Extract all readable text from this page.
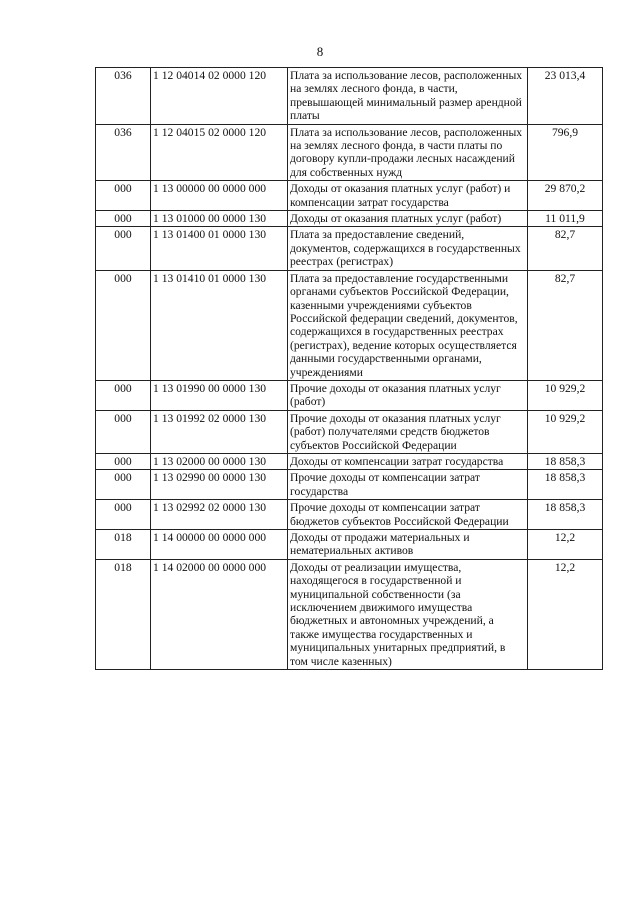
8
036	1 12 04014 02 0000 120	Плата за использование лесов, расположенных на землях лесного фонда, в части, превышающей минимальный размер арендной платы	23 013,4
036	1 12 04015 02 0000 120	Плата за использование лесов, расположенных на землях лесного фонда, в части платы по договору купли-продажи лесных насаждений для собственных нужд	796,9
000	1 13 00000 00 0000 000	Доходы от оказания платных услуг (работ) и компенсации затрат государства	29 870,2
000	1 13 01000 00 0000 130	Доходы от оказания платных услуг (работ)	11 011,9
000	1 13 01400 01 0000 130	Плата за предоставление сведений, документов, содержащихся в государственных реестрах (регистрах)	82,7
000	1 13 01410 01 0000 130	Плата за предоставление государственными органами субъектов Российской Федерации, казенными учреждениями субъектов Российской федерации сведений, документов, содержащихся в государственных реестрах (регистрах), ведение которых осуществляется данными государственными органами, учреждениями	82,7
000	1 13 01990 00 0000 130	Прочие доходы от оказания платных услуг (работ)	10 929,2
000	1 13 01992 02 0000 130	Прочие доходы от оказания платных услуг (работ) получателями средств бюджетов субъектов Российской Федерации	10 929,2
000	1 13 02000 00 0000 130	Доходы от компенсации затрат государства	18 858,3
000	1 13 02990 00 0000 130	Прочие доходы от компенсации затрат государства	18 858,3
000	1 13 02992 02 0000 130	Прочие доходы от компенсации затрат бюджетов субъектов Российской Федерации	18 858,3
018	1 14 00000 00 0000 000	Доходы от продажи материальных и нематериальных активов	12,2
018	1 14 02000 00 0000 000	Доходы от реализации имущества, находящегося в государственной и муниципальной собственности (за исключением движимого имущества бюджетных и автономных учреждений, а также имущества государственных и муниципальных унитарных предприятий, в том числе казенных)	12,2
